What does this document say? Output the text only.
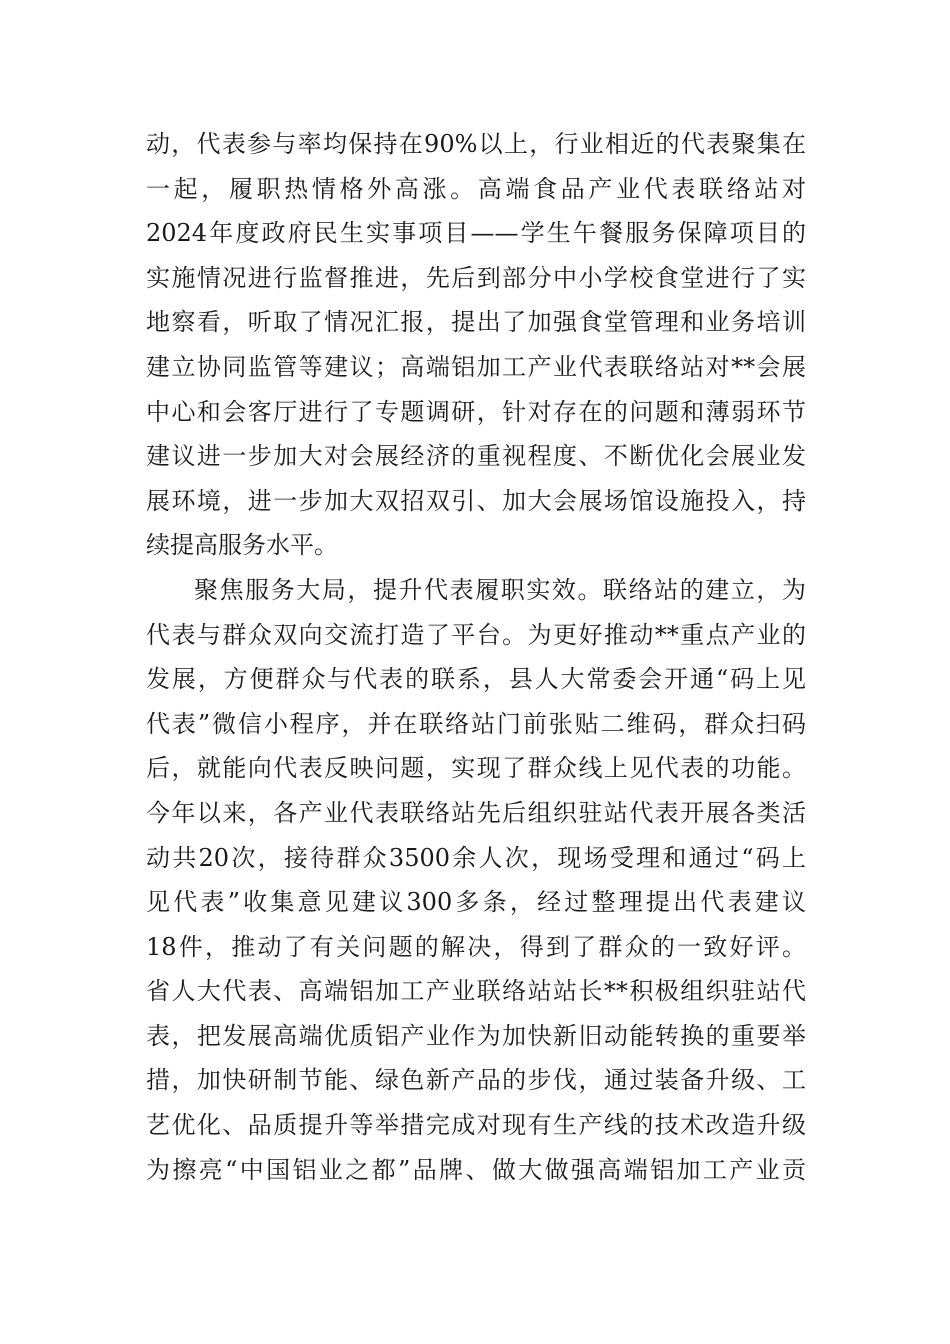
动，代表参与率均保持在90%以上，行业相近的代表聚集在
一起，履职热情格外高涨。高端食品产业代表联络站对
2024年度政府民生实事项目——学生午餐服务保障项目的
实施情况进行监督推进，先后到部分中小学校食堂进行了实
地察看，听取了情况汇报，提出了加强食堂管理和业务培训
建立协同监管等建议；高端铝加工产业代表联络站对**会展
中心和会客厅进行了专题调研，针对存在的问题和薄弱环节
建议进一步加大对会展经济的重视程度、不断优化会展业发
展环境，进一步加大双招双引、加大会展场馆设施投入，持
续提高服务水平。
聚焦服务大局，提升代表履职实效。联络站的建立，为
代表与群众双向交流打造了平台。为更好推动**重点产业的
发展，方便群众与代表的联系，县人大常委会开通“码上见
代表”微信小程序，并在联络站门前张贴二维码，群众扫码
后，就能向代表反映问题，实现了群众线上见代表的功能。
今年以来，各产业代表联络站先后组织驻站代表开展各类活
动共20次，接待群众3500余人次，现场受理和通过“码上
见代表”收集意见建议300多条，经过整理提出代表建议
18件，推动了有关问题的解决，得到了群众的一致好评。
省人大代表、高端铝加工产业联络站站长**积极组织驻站代
表，把发展高端优质铝产业作为加快新旧动能转换的重要举
措，加快研制节能、绿色新产品的步伐，通过装备升级、工
艺优化、品质提升等举措完成对现有生产线的技术改造升级
为擦亮“中国铝业之都”品牌、做大做强高端铝加工产业贡
